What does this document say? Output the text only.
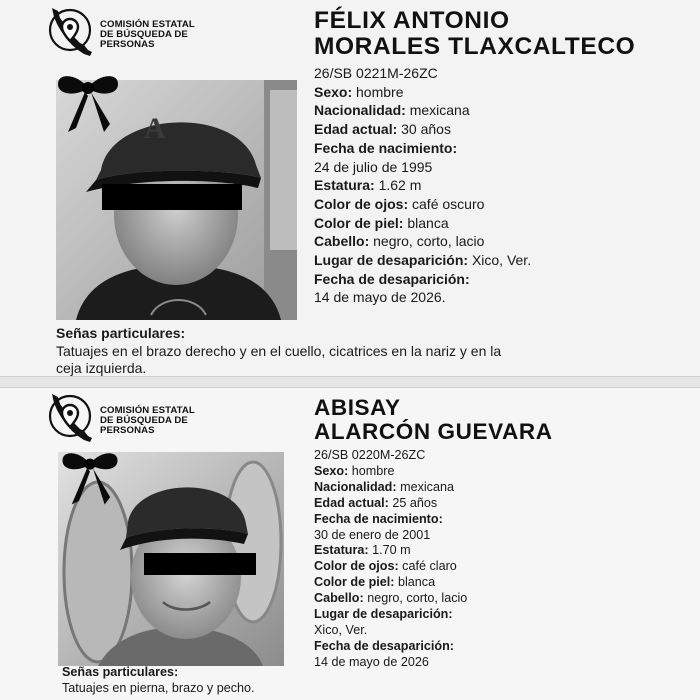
COMISIÓN ESTATAL
DE BÚSQUEDA DE
PERSONAS
FÉLIX ANTONIO
MORALES TLAXCALTECO
A
26/SB 0221M-26ZC
Sexo: hombre
Nacionalidad: mexicana
Edad actual: 30 años
Fecha de nacimiento:
24 de julio de 1995
Estatura: 1.62 m
Color de ojos: café oscuro
Color de piel: blanca
Cabello: negro, corto, lacio
Lugar de desaparición: Xico, Ver.
Fecha de desaparición:
14 de mayo de 2026.
Señas particulares:
Tatuajes en el brazo derecho y en el cuello, cicatrices en la nariz y en la
ceja izquierda.
COMISIÓN ESTATAL
DE BÚSQUEDA DE
PERSONAS
ABISAY
ALARCÓN GUEVARA
26/SB 0220M-26ZC
Sexo: hombre
Nacionalidad: mexicana
Edad actual: 25 años
Fecha de nacimiento:
30 de enero de 2001
Estatura: 1.70 m
Color de ojos: café claro
Color de piel: blanca
Cabello: negro, corto, lacio
Lugar de desaparición:
Xico, Ver.
Fecha de desaparición:
14 de mayo de 2026
Señas particulares:
Tatuajes en pierna, brazo y pecho.
